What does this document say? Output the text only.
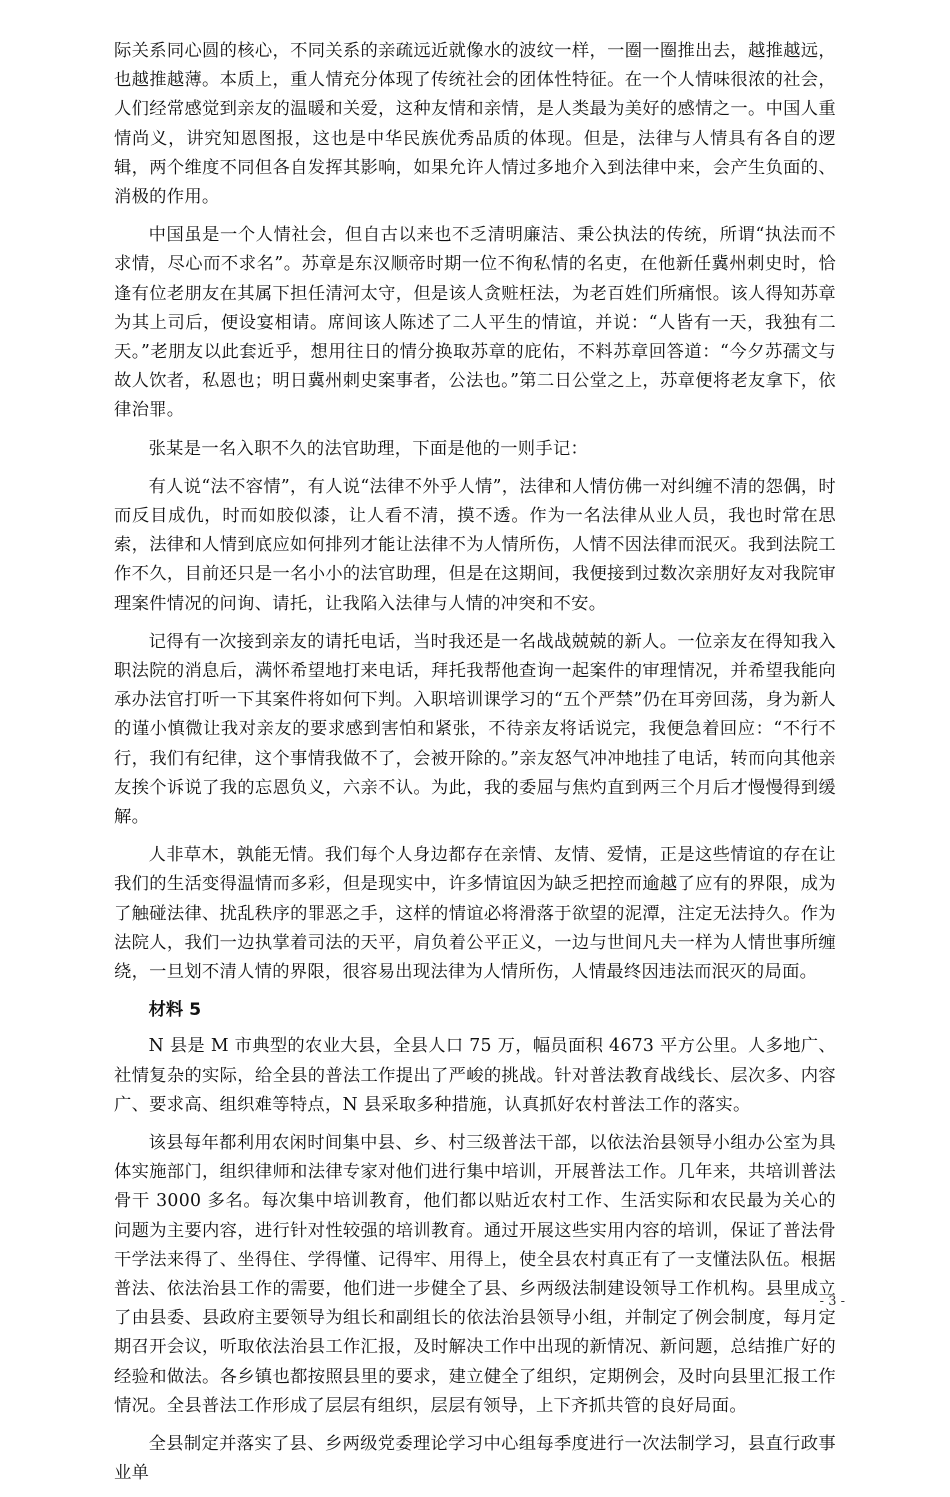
际关系同心圆的核心，不同关系的亲疏远近就像水的波纹一样，一圈一圈推出去，越推越远，也越推越薄。本质上，重人情充分体现了传统社会的团体性特征。在一个人情味很浓的社会，人们经常感觉到亲友的温暖和关爱，这种友情和亲情，是人类最为美好的感情之一。中国人重情尚义，讲究知恩图报，这也是中华民族优秀品质的体现。但是，法律与人情具有各自的逻辑，两个维度不同但各自发挥其影响，如果允许人情过多地介入到法律中来，会产生负面的、消极的作用。

中国虽是一个人情社会，但自古以来也不乏清明廉洁、秉公执法的传统，所谓“执法而不求情，尽心而不求名”。苏章是东汉顺帝时期一位不徇私情的名吏，在他新任冀州刺史时，恰逢有位老朋友在其属下担任清河太守，但是该人贪赃枉法，为老百姓们所痛恨。该人得知苏章为其上司后，便设宴相请。席间该人陈述了二人平生的情谊，并说：“人皆有一天，我独有二天。”老朋友以此套近乎，想用往日的情分换取苏章的庇佑，不料苏章回答道：“今夕苏孺文与故人饮者，私恩也；明日冀州刺史案事者，公法也。”第二日公堂之上，苏章便将老友拿下，依律治罪。

张某是一名入职不久的法官助理，下面是他的一则手记：

有人说“法不容情”，有人说“法律不外乎人情”，法律和人情仿佛一对纠缠不清的怨偶，时而反目成仇，时而如胶似漆，让人看不清，摸不透。作为一名法律从业人员，我也时常在思索，法律和人情到底应如何排列才能让法律不为人情所伤，人情不因法律而泯灭。我到法院工作不久，目前还只是一名小小的法官助理，但是在这期间，我便接到过数次亲朋好友对我院审理案件情况的问询、请托，让我陷入法律与人情的冲突和不安。

记得有一次接到亲友的请托电话，当时我还是一名战战兢兢的新人。一位亲友在得知我入职法院的消息后，满怀希望地打来电话，拜托我帮他查询一起案件的审理情况，并希望我能向承办法官打听一下其案件将如何下判。入职培训课学习的“五个严禁”仍在耳旁回荡，身为新人的谨小慎微让我对亲友的要求感到害怕和紧张，不待亲友将话说完，我便急着回应：“不行不行，我们有纪律，这个事情我做不了，会被开除的。”亲友怒气冲冲地挂了电话，转而向其他亲友挨个诉说了我的忘恩负义，六亲不认。为此，我的委屈与焦灼直到两三个月后才慢慢得到缓解。

人非草木，孰能无情。我们每个人身边都存在亲情、友情、爱情，正是这些情谊的存在让我们的生活变得温情而多彩，但是现实中，许多情谊因为缺乏把控而逾越了应有的界限，成为了触碰法律、扰乱秩序的罪恶之手，这样的情谊必将滑落于欲望的泥潭，注定无法持久。作为法院人，我们一边执掌着司法的天平，肩负着公平正义，一边与世间凡夫一样为人情世事所缠绕，一旦划不清人情的界限，很容易出现法律为人情所伤，人情最终因违法而泯灭的局面。

材料 5

N 县是 M 市典型的农业大县，全县人口 75 万，幅员面积 4673 平方公里。人多地广、社情复杂的实际，给全县的普法工作提出了严峻的挑战。针对普法教育战线长、层次多、内容广、要求高、组织难等特点，N 县采取多种措施，认真抓好农村普法工作的落实。

该县每年都利用农闲时间集中县、乡、村三级普法干部，以依法治县领导小组办公室为具体实施部门，组织律师和法律专家对他们进行集中培训，开展普法工作。几年来，共培训普法骨干 3000 多名。每次集中培训教育，他们都以贴近农村工作、生活实际和农民最为关心的问题为主要内容，进行针对性较强的培训教育。通过开展这些实用内容的培训，保证了普法骨干学法来得了、坐得住、学得懂、记得牢、用得上，使全县农村真正有了一支懂法队伍。根据普法、依法治县工作的需要，他们进一步健全了县、乡两级法制建设领导工作机构。县里成立了由县委、县政府主要领导为组长和副组长的依法治县领导小组，并制定了例会制度，每月定期召开会议，听取依法治县工作汇报，及时解决工作中出现的新情况、新问题，总结推广好的经验和做法。各乡镇也都按照县里的要求，建立健全了组织，定期例会，及时向县里汇报工作情况。全县普法工作形成了层层有组织，层层有领导，上下齐抓共管的良好局面。

全县制定并落实了县、乡两级党委理论学习中心组每季度进行一次法制学习，县直行政事业单

- 3 -
